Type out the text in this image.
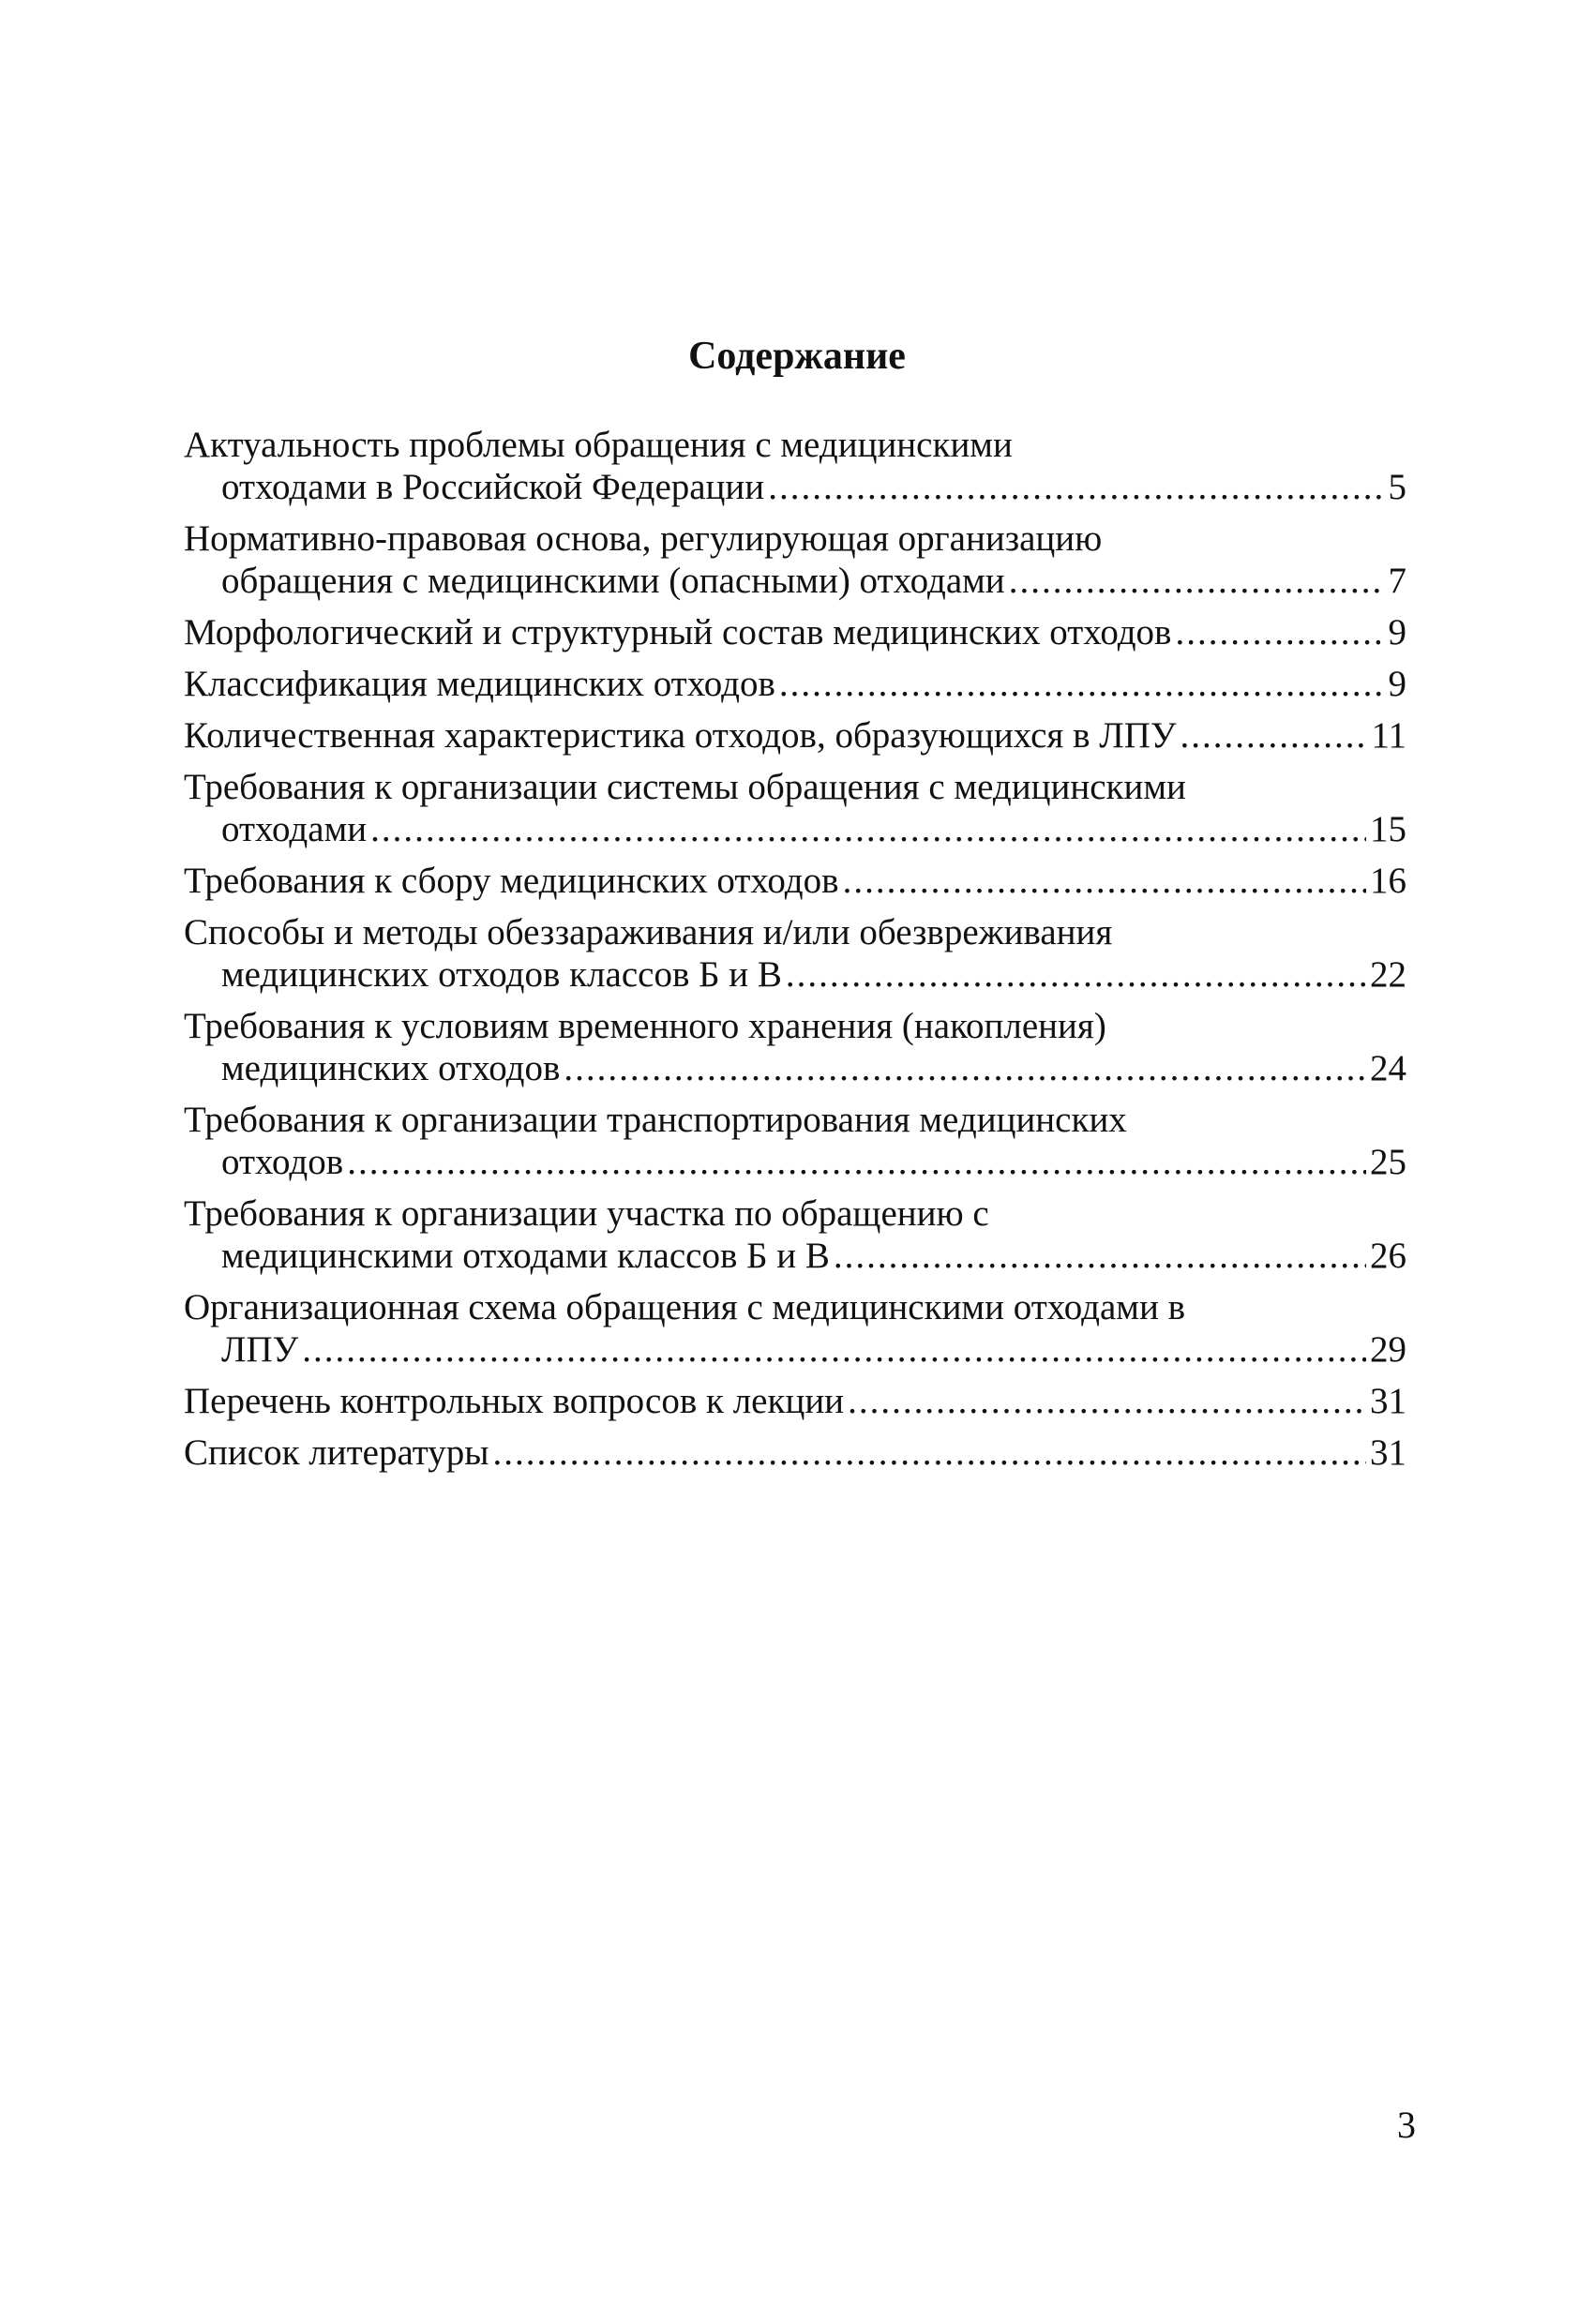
Содержание
Актуальность проблемы обращения с медицинскими
отходами в Российской Федерации .....	5
Нормативно-правовая основа, регулирующая организацию
обращения с медицинскими (опасными) отходами .....	7
Морфологический и структурный состав медицинских отходов .....	9
Классификация медицинских отходов .....	9
Количественная характеристика отходов, образующихся в ЛПУ .....	11
Требования к организации системы обращения с медицинскими
отходами .....	15
Требования к сбору медицинских отходов .....	16
Способы и методы обеззараживания и/или обезвреживания
медицинских отходов классов Б и В .....	22
Требования к условиям временного хранения (накопления)
медицинских отходов .....	24
Требования к организации транспортирования медицинских
отходов .....	25
Требования к организации участка по обращению с
медицинскими отходами классов Б и В .....	26
Организационная схема обращения с медицинскими отходами в
ЛПУ .....	29
Перечень контрольных вопросов к лекции .....	31
Список литературы .....	31
3
